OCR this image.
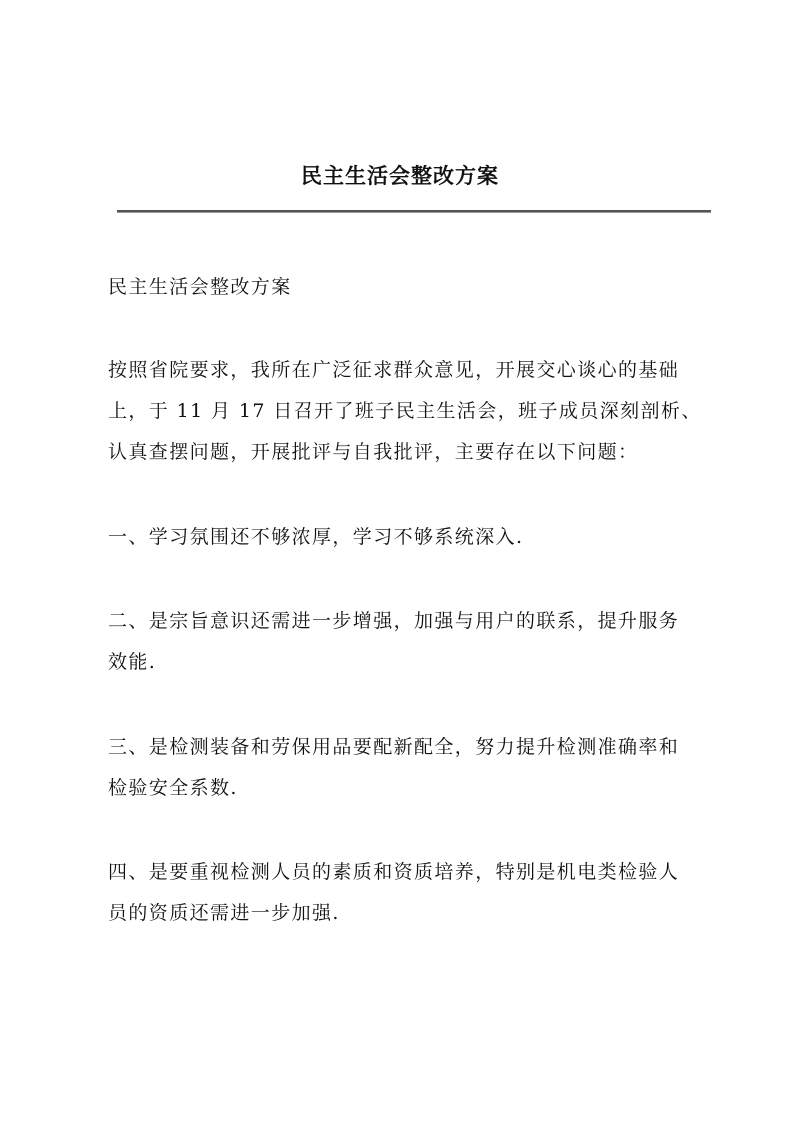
民主生活会整改方案

民主生活会整改方案

按照省院要求，我所在广泛征求群众意见，开展交心谈心的基础
上，于 11 月 17 日召开了班子民主生活会，班子成员深刻剖析、
认真查摆问题，开展批评与自我批评，主要存在以下问题：

一、学习氛围还不够浓厚，学习不够系统深入.

二、是宗旨意识还需进一步增强，加强与用户的联系，提升服务
效能.

三、是检测装备和劳保用品要配新配全，努力提升检测准确率和
检验安全系数.

四、是要重视检测人员的素质和资质培养，特别是机电类检验人
员的资质还需进一步加强.
